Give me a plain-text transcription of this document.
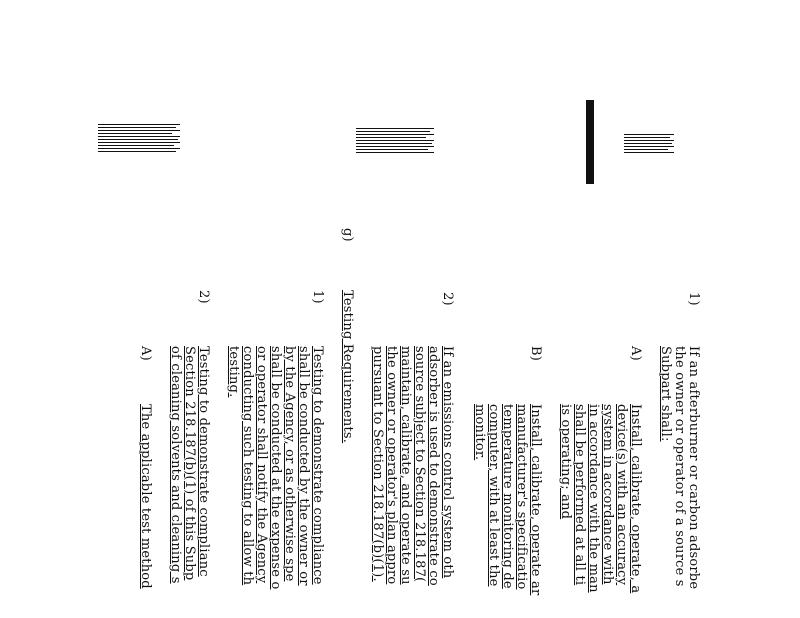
1)
A)
B)
2)
g)
1)
2)
A)	If an afterburner or carbon adsorbe
the owner or operator of a source s
Subpart shall:
Install, calibrate, operate, a
device(s) with an accuracy
system in accordance with
in accordance with the man
shall be performed at all ti
is operating; and
Install, calibrate, operate ar
manufacturer's specificatio
temperature monitoring de
computer, with at least the
monitor.
If an emissions control system oth
adsorber is used to demonstrate co
source subject to Section 218.187(
maintain, calibrate, and operate su
the owner or operator's plan appro
pursuant to Section 218.187(b)(1).
Testing Requirements.
Testing to demonstrate compliance
shall be conducted by the owner or
by the Agency, or as otherwise spe
shall be conducted at the expense o
or operator shall notify the Agency
conducting such testing to allow th
testing.
Testing to demonstrate complianc
Section 218.187(b)(1) of this Subp
of cleaning solvents and cleaning s
The applicable test method
